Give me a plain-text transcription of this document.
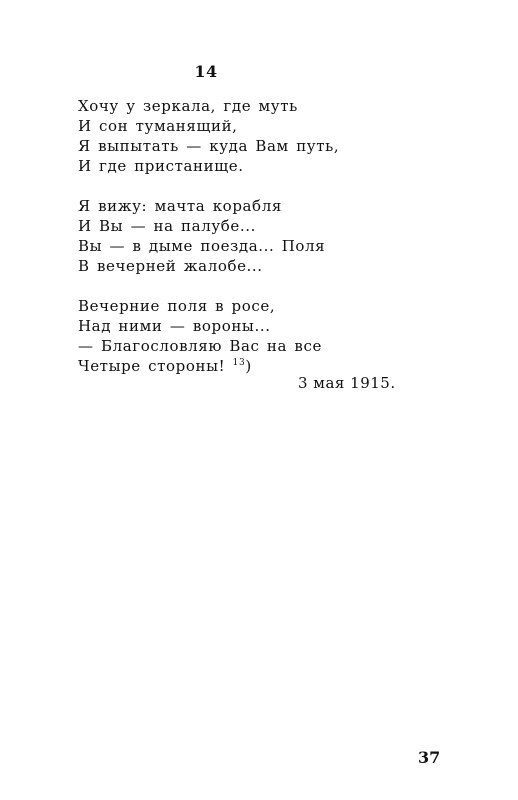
14
Хочу у зеркала, где муть
И сон туманящий,
Я выпытать — куда Вам путь,
И где пристанище.
Я вижу: мачта корабля
И Вы — на палубе...
Вы — в дыме поезда... Поля
В вечерней жалобе...
Вечерние поля в росе,
Над ними — вороны...
— Благословляю Вас на все
Четыре стороны! $^{13}$)
3 мая 1915.
37
